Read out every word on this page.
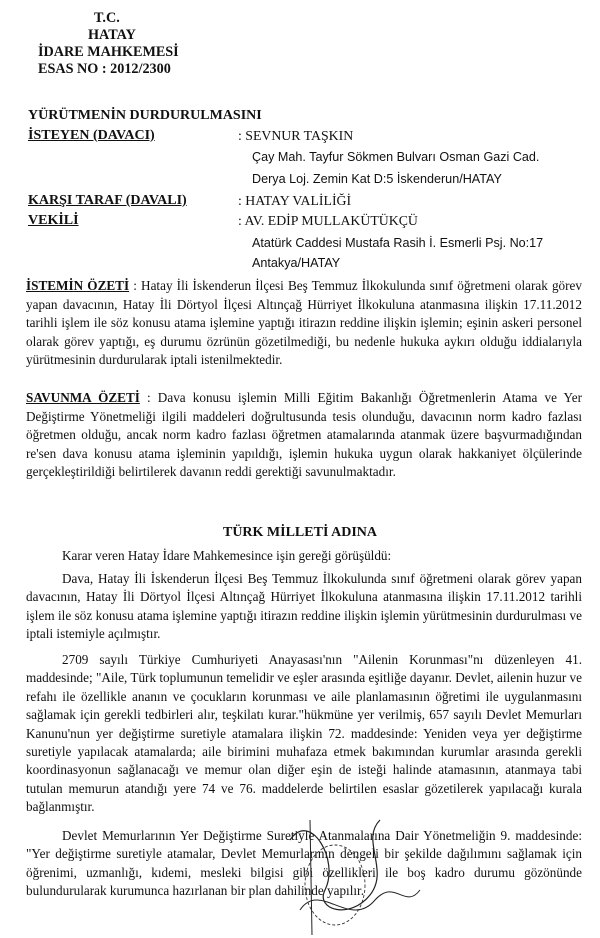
T.C.
HATAY
İDARE MAHKEMESİ
ESAS NO : 2012/2300
YÜRÜTMENİN DURDURULMASINI
İSTEYEN (DAVACI)	: SEVNUR TAŞKIN
Çay Mah. Tayfur Sökmen Bulvarı Osman Gazi Cad.
Derya Loj. Zemin Kat D:5 İskenderun/HATAY
KARŞI TARAF (DAVALI)	: HATAY VALİLİĞİ
VEKİLİ	: AV. EDİP MULLAKÜTÜKÇÜ
Atatürk Caddesi Mustafa Rasih İ. Esmerli Psj. No:17
Antakya/HATAY
İSTEMİN ÖZETİ : Hatay İli İskenderun İlçesi Beş Temmuz İlkokulunda sınıf öğretmeni olarak görev yapan davacının, Hatay İli Dörtyol İlçesi Altınçağ Hürriyet İlkokuluna atanmasına ilişkin 17.11.2012 tarihli işlem ile söz konusu atama işlemine yaptığı itirazın reddine ilişkin işlemin; eşinin askeri personel olarak görev yaptığı, eş durumu özrünün gözetilmediği, bu nedenle hukuka aykırı olduğu iddialarıyla yürütmesinin durdurularak iptali istenilmektedir.
SAVUNMA ÖZETİ : Dava konusu işlemin Milli Eğitim Bakanlığı Öğretmenlerin Atama ve Yer Değiştirme Yönetmeliği ilgili maddeleri doğrultusunda tesis olunduğu, davacının norm kadro fazlası öğretmen olduğu, ancak norm kadro fazlası öğretmen atamalarında atanmak üzere başvurmadığından re'sen dava konusu atama işleminin yapıldığı, işlemin hukuka uygun olarak hakkaniyet ölçülerinde gerçekleştirildiği belirtilerek davanın reddi gerektiği savunulmaktadır.
TÜRK MİLLETİ ADINA
Karar veren Hatay İdare Mahkemesince işin gereği görüşüldü:
Dava, Hatay İli İskenderun İlçesi Beş Temmuz İlkokulunda sınıf öğretmeni olarak görev yapan davacının, Hatay İli Dörtyol İlçesi Altınçağ Hürriyet İlkokuluna atanmasına ilişkin 17.11.2012 tarihli işlem ile söz konusu atama işlemine yaptığı itirazın reddine ilişkin işlemin yürütmesinin durdurulması ve iptali istemiyle açılmıştır.
2709 sayılı Türkiye Cumhuriyeti Anayasası'nın "Ailenin Korunması"nı düzenleyen 41. maddesinde; "Aile, Türk toplumunun temelidir ve eşler arasında eşitliğe dayanır. Devlet, ailenin huzur ve refahı ile özellikle ananın ve çocukların korunması ve aile planlamasının öğretimi ile uygulanmasını sağlamak için gerekli tedbirleri alır, teşkilatı kurar."hükmüne yer verilmiş, 657 sayılı Devlet Memurları Kanunu'nun yer değiştirme suretiyle atamalara ilişkin 72. maddesinde: Yeniden veya yer değiştirme suretiyle yapılacak atamalarda; aile birimini muhafaza etmek bakımından kurumlar arasında gerekli koordinasyonun sağlanacağı ve memur olan diğer eşin de isteği halinde atamasının, atanmaya tabi tutulan memurun atandığı yere 74 ve 76. maddelerde belirtilen esaslar gözetilerek yapılacağı kurala bağlanmıştır.
Devlet Memurlarının Yer Değiştirme Suretiyle Atanmalarına Dair Yönetmeliğin 9. maddesinde: "Yer değiştirme suretiyle atamalar, Devlet Memurlarının dengeli bir şekilde dağılımını sağlamak için öğrenimi, uzmanlığı, kıdemi, mesleki bilgisi gibi özellikleri ile boş kadro durumu gözönünde bulundurularak kurumunca hazırlanan bir plan dahilinde yapılır.
